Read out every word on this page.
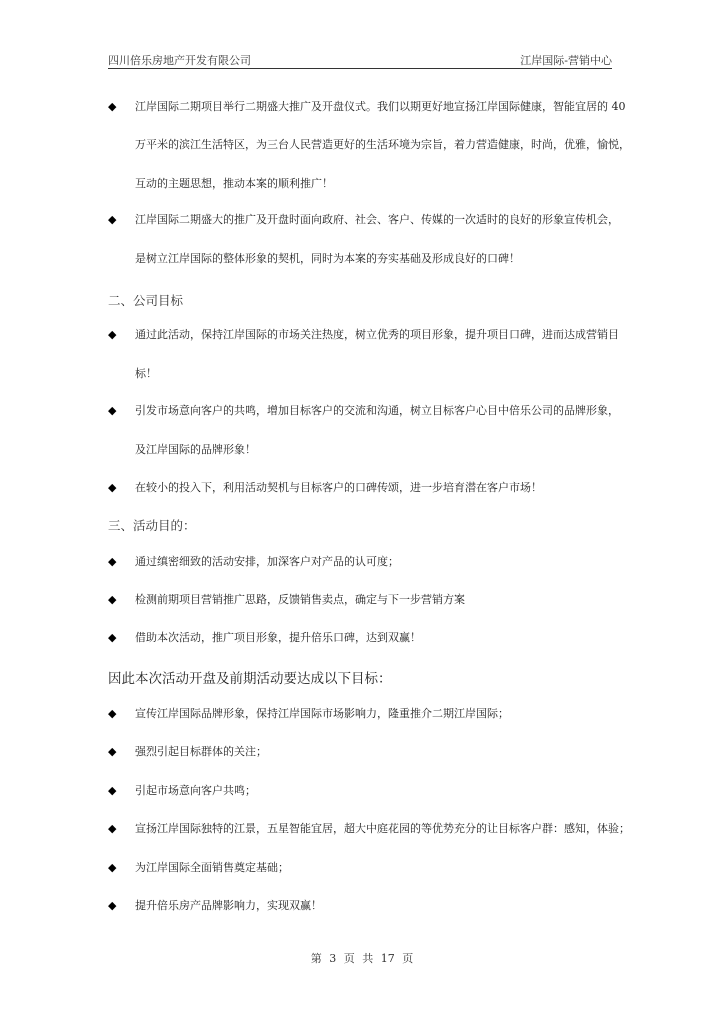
四川倍乐房地产开发有限公司	江岸国际-营销中心
◆ 江岸国际二期项目举行二期盛大推广及开盘仪式。我们以期更好地宣扬江岸国际健康，智能宜居的 40
万平米的滨江生活特区，为三台人民营造更好的生活环境为宗旨，着力营造健康，时尚，优雅，愉悦，
互动的主题思想，推动本案的顺利推广！
◆ 江岸国际二期盛大的推广及开盘时面向政府、社会、客户、传媒的一次适时的良好的形象宣传机会，
是树立江岸国际的整体形象的契机，同时为本案的夯实基础及形成良好的口碑！
二、公司目标
◆ 通过此活动，保持江岸国际的市场关注热度，树立优秀的项目形象，提升项目口碑，进而达成营销目
标！
◆ 引发市场意向客户的共鸣，增加目标客户的交流和沟通，树立目标客户心目中倍乐公司的品牌形象，
及江岸国际的品牌形象！
◆ 在较小的投入下，利用活动契机与目标客户的口碑传颂，进一步培育潜在客户市场！
三、活动目的：
◆ 通过缜密细致的活动安排，加深客户对产品的认可度；
◆ 检测前期项目营销推广思路，反馈销售卖点，确定与下一步营销方案
◆ 借助本次活动，推广项目形象，提升倍乐口碑，达到双赢！
因此本次活动开盘及前期活动要达成以下目标：
◆ 宣传江岸国际品牌形象，保持江岸国际市场影响力，隆重推介二期江岸国际；
◆ 强烈引起目标群体的关注；
◆ 引起市场意向客户共鸣；
◆ 宣扬江岸国际独特的江景，五星智能宜居，超大中庭花园的等优势充分的让目标客户群：感知，体验；
◆ 为江岸国际全面销售奠定基础；
◆ 提升倍乐房产品牌影响力，实现双赢！
第 3 页 共 17 页
